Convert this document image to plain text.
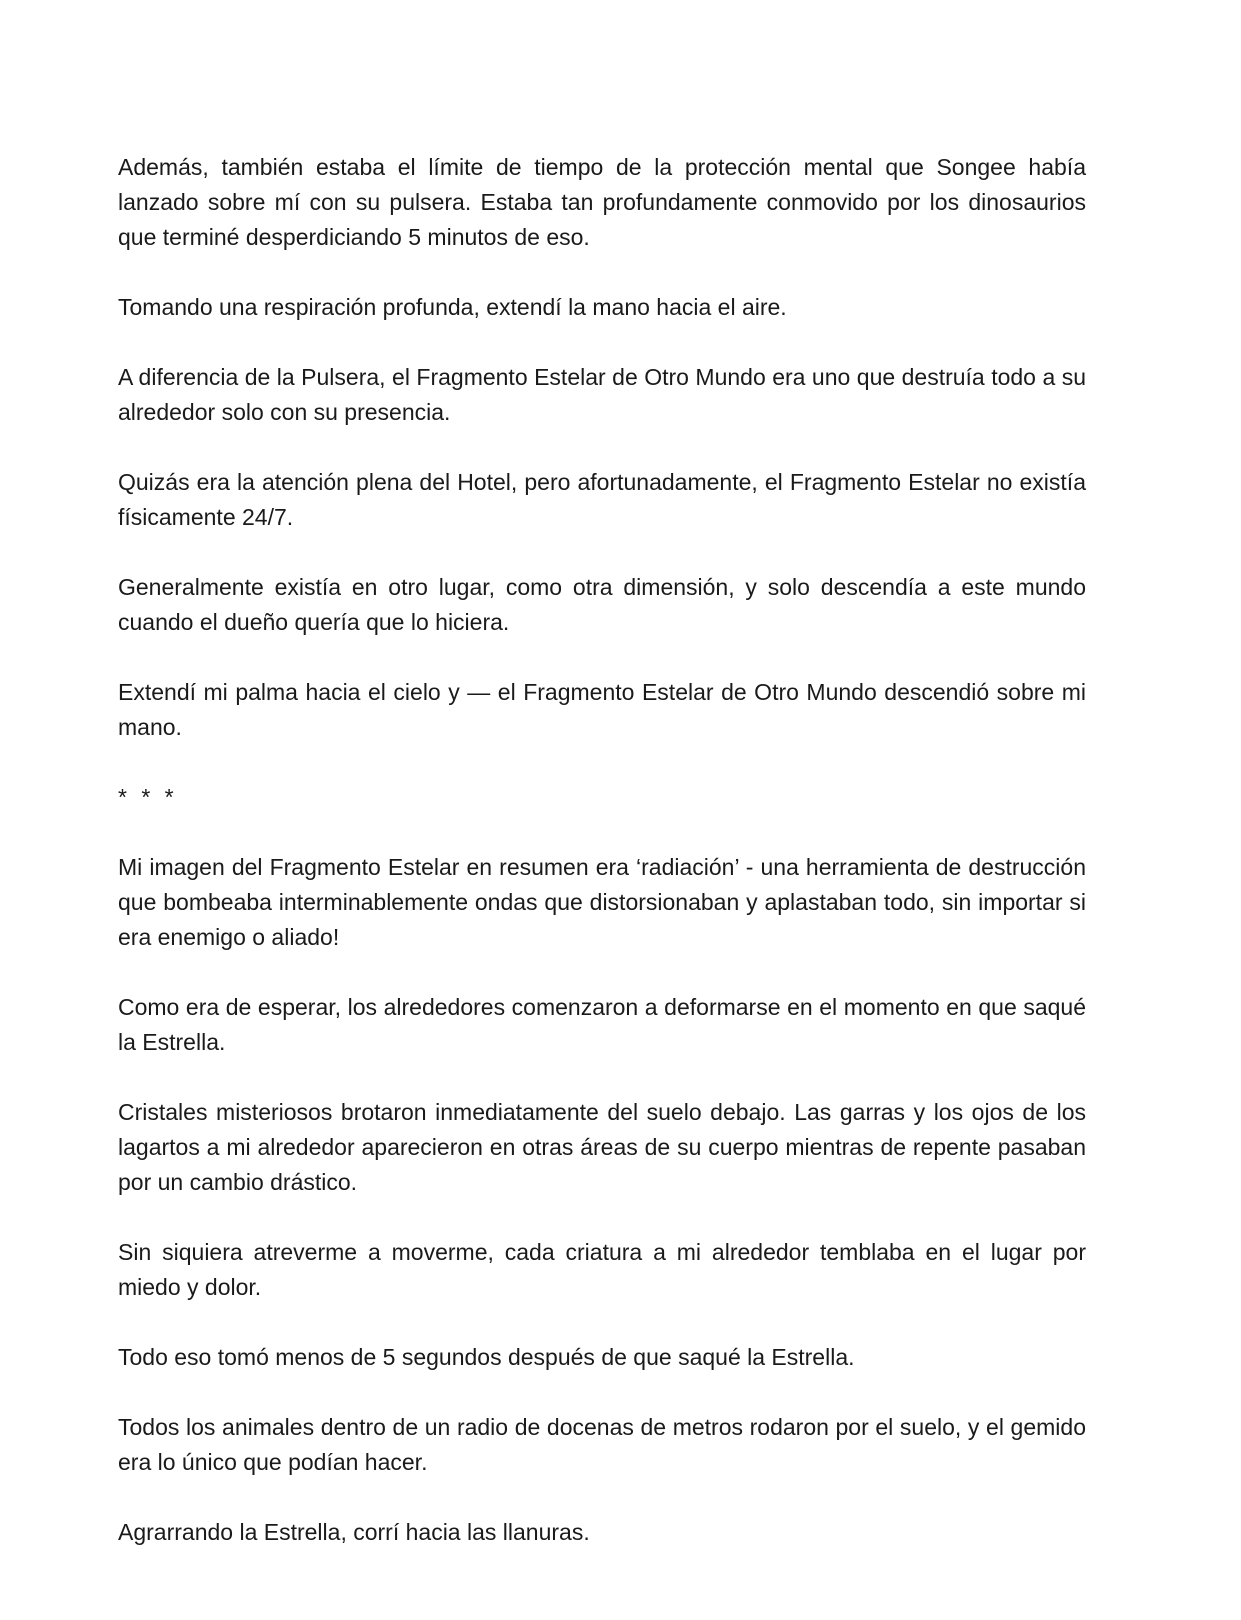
Además, también estaba el límite de tiempo de la protección mental que Songee había lanzado sobre mí con su pulsera. Estaba tan profundamente conmovido por los dinosaurios que terminé desperdiciando 5 minutos de eso.

Tomando una respiración profunda, extendí la mano hacia el aire.

A diferencia de la Pulsera, el Fragmento Estelar de Otro Mundo era uno que destruía todo a su alrededor solo con su presencia.

Quizás era la atención plena del Hotel, pero afortunadamente, el Fragmento Estelar no existía físicamente 24/7.

Generalmente existía en otro lugar, como otra dimensión, y solo descendía a este mundo cuando el dueño quería que lo hiciera.

Extendí mi palma hacia el cielo y — el Fragmento Estelar de Otro Mundo descendió sobre mi mano.

* * *

Mi imagen del Fragmento Estelar en resumen era ‘radiación’ - una herramienta de destrucción que bombeaba interminablemente ondas que distorsionaban y aplastaban todo, sin importar si era enemigo o aliado!

Como era de esperar, los alrededores comenzaron a deformarse en el momento en que saqué la Estrella.

Cristales misteriosos brotaron inmediatamente del suelo debajo. Las garras y los ojos de los lagartos a mi alrededor aparecieron en otras áreas de su cuerpo mientras de repente pasaban por un cambio drástico.

Sin siquiera atreverme a moverme, cada criatura a mi alrededor temblaba en el lugar por miedo y dolor.

Todo eso tomó menos de 5 segundos después de que saqué la Estrella.

Todos los animales dentro de un radio de docenas de metros rodaron por el suelo, y el gemido era lo único que podían hacer.

Agrarrando la Estrella, corrí hacia las llanuras.
